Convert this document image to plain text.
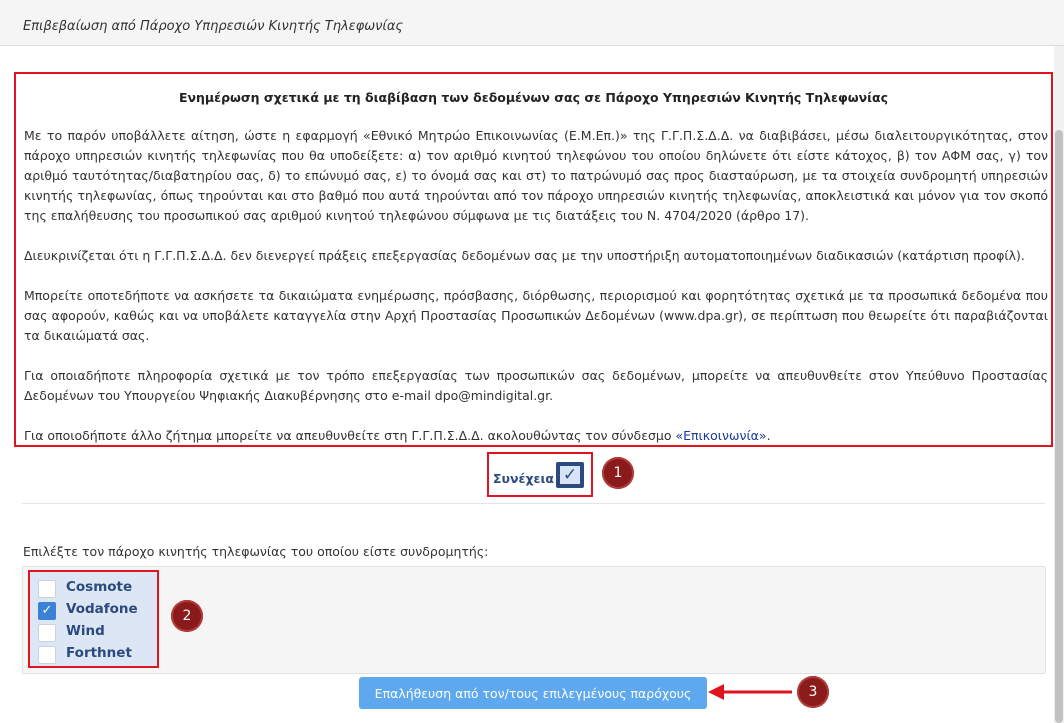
Επιβεβαίωση από Πάροχο Υπηρεσιών Κινητής Τηλεφωνίας
Ενημέρωση σχετικά με τη διαβίβαση των δεδομένων σας σε Πάροχο Υπηρεσιών Κινητής Τηλεφωνίας
Με το παρόν υποβάλλετε αίτηση, ώστε η εφαρμογή «Εθνικό Μητρώο Επικοινωνίας (Ε.Μ.Επ.)» της Γ.Γ.Π.Σ.Δ.Δ. να διαβιβάσει, μέσω διαλειτουργικότητας, στον πάροχο υπηρεσιών κινητής τηλεφωνίας που θα υποδείξετε: α) τον αριθμό κινητού τηλεφώνου του οποίου δηλώνετε ότι είστε κάτοχος, β) τον ΑΦΜ σας, γ) τον αριθμό ταυτότητας/διαβατηρίου σας, δ) το επώνυμό σας, ε) το όνομά σας και στ) το πατρώνυμό σας προς διασταύρωση, με τα στοιχεία συνδρομητή υπηρεσιών κινητής τηλεφωνίας, όπως τηρούνται και στο βαθμό που αυτά τηρούνται από τον πάροχο υπηρεσιών κινητής τηλεφωνίας, αποκλειστικά και μόνον για τον σκοπό της επαλήθευσης του προσωπικού σας αριθμού κινητού τηλεφώνου σύμφωνα με τις διατάξεις του Ν. 4704/2020 (άρθρο 17).
Διευκρινίζεται ότι η Γ.Γ.Π.Σ.Δ.Δ. δεν διενεργεί πράξεις επεξεργασίας δεδομένων σας με την υποστήριξη αυτοματοποιημένων διαδικασιών (κατάρτιση προφίλ).
Μπορείτε οποτεδήποτε να ασκήσετε τα δικαιώματα ενημέρωσης, πρόσβασης, διόρθωσης, περιορισμού και φορητότητας σχετικά με τα προσωπικά δεδομένα που σας αφορούν, καθώς και να υποβάλετε καταγγελία στην Αρχή Προστασίας Προσωπικών Δεδομένων (www.dpa.gr), σε περίπτωση που θεωρείτε ότι παραβιάζονται τα δικαιώματά σας.
Για οποιαδήποτε πληροφορία σχετικά με τον τρόπο επεξεργασίας των προσωπικών σας δεδομένων, μπορείτε να απευθυνθείτε στον Υπεύθυνο Προστασίας Δεδομένων του Υπουργείου Ψηφιακής Διακυβέρνησης στο e-mail dpo@mindigital.gr.
Για οποιοδήποτε άλλο ζήτημα μπορείτε να απευθυνθείτε στη Γ.Γ.Π.Σ.Δ.Δ. ακολουθώντας τον σύνδεσμο «Επικοινωνία».
Συνέχεια ✓	1
Επιλέξτε τον πάροχο κινητής τηλεφωνίας του οποίου είστε συνδρομητής:
Cosmote
✓ Vodafone
Wind
Forthnet
2
Επαλήθευση από τον/τους επιλεγμένους παρόχους	3
